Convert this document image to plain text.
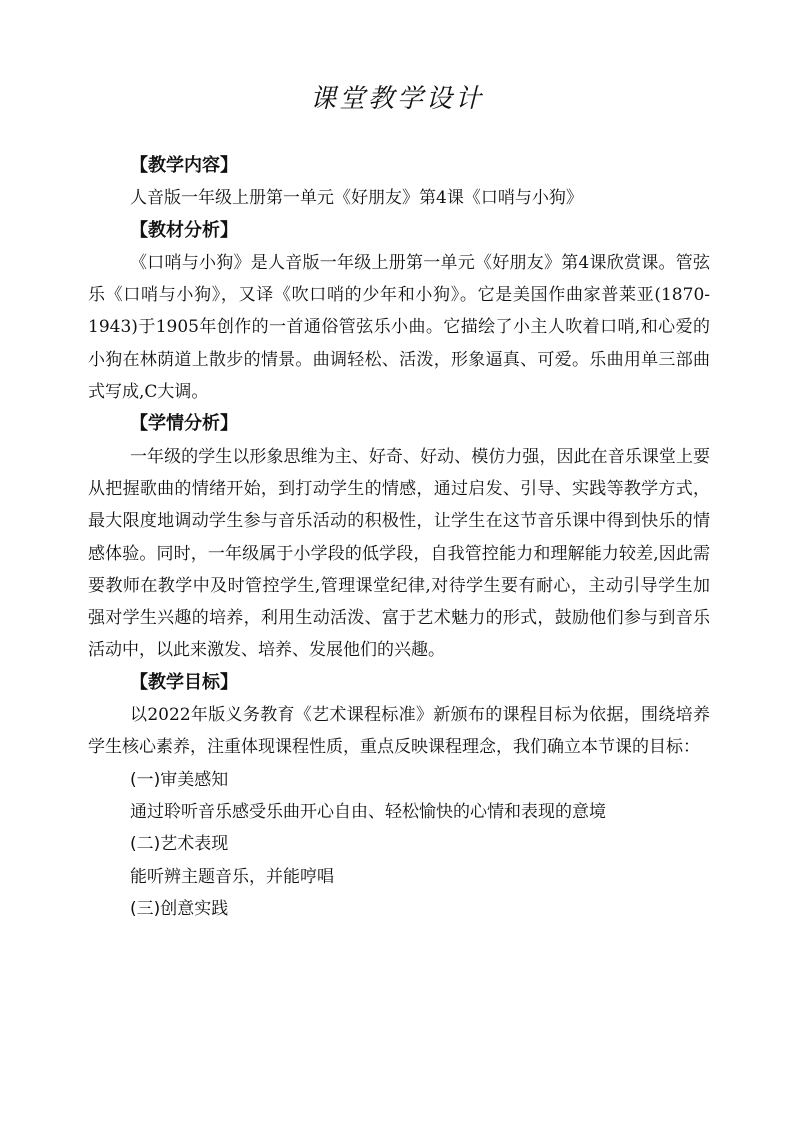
课堂教学设计
【教学内容】
人音版一年级上册第一单元《好朋友》第4课《口哨与小狗》
【教材分析】
《口哨与小狗》是人音版一年级上册第一单元《好朋友》第4课欣赏课。管弦乐《口哨与小狗》，又译《吹口哨的少年和小狗》。它是美国作曲家普莱亚(1870-1943)于1905年创作的一首通俗管弦乐小曲。它描绘了小主人吹着口哨,和心爱的小狗在林荫道上散步的情景。曲调轻松、活泼，形象逼真、可爱。乐曲用单三部曲式写成,C大调。
【学情分析】
一年级的学生以形象思维为主、好奇、好动、模仿力强，因此在音乐课堂上要从把握歌曲的情绪开始，到打动学生的情感，通过启发、引导、实践等教学方式，最大限度地调动学生参与音乐活动的积极性，让学生在这节音乐课中得到快乐的情感体验。同时，一年级属于小学段的低学段，自我管控能力和理解能力较差,因此需要教师在教学中及时管控学生,管理课堂纪律,对待学生要有耐心，主动引导学生加强对学生兴趣的培养，利用生动活泼、富于艺术魅力的形式，鼓励他们参与到音乐活动中，以此来激发、培养、发展他们的兴趣。
【教学目标】
以2022年版义务教育《艺术课程标准》新颁布的课程目标为依据，围绕培养学生核心素养，注重体现课程性质，重点反映课程理念，我们确立本节课的目标：
(一)审美感知
通过聆听音乐感受乐曲开心自由、轻松愉快的心情和表现的意境
(二)艺术表现
能听辨主题音乐，并能哼唱
(三)创意实践
